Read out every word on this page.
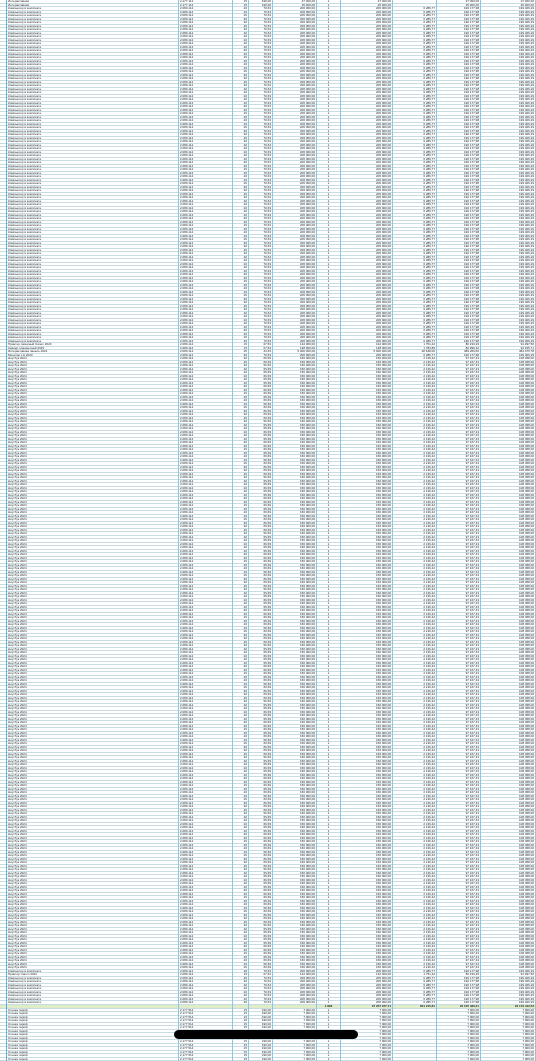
Интерактивная	2.177.114	15	190,00	27 000,00	1	27 000,00	27 000,00	27 000,00
Интерактивная	2.177.114	15	190,00	25 000,00	1	25 000,00	25 000,00	25 000,00
Компьютер в комплекте	2.080.114	20	70,63	206 000,00	1	206 000,00	6 286,77	190 177,98	199 406,29
Компьютер в комплекте	2.080.114	20	70,63	206 000,00	1	206 000,00	6 286,77	190 177,98	199 406,29
Компьютер в комплекте	2.080.114	20	70,63	206 000,00	1	206 000,00	6 286,77	190 177,98	199 406,29
Компьютер в комплекте	2.080.114	20	70,63	206 000,00	1	206 000,00	6 286,77	190 177,98	199 406,29
Компьютер в комплекте	2.080.114	20	70,63	206 000,00	1	206 000,00	6 286,77	190 177,98	199 406,29
Компьютер в комплекте	2.080.114	20	70,63	206 000,00	1	206 000,00	6 286,77	190 177,98	199 406,29
Компьютер в комплекте	2.080.114	20	70,63	206 000,00	1	206 000,00	6 286,77	190 177,98	199 406,29
Компьютер в комплекте	2.080.114	20	70,63	206 000,00	1	206 000,00	6 286,77	190 177,98	199 406,29
Компьютер в комплекте	2.080.114	20	70,63	206 000,00	1	206 000,00	6 286,77	190 177,98	199 406,29
Компьютер в комплекте	2.080.114	20	70,63	206 000,00	1	206 000,00	6 286,77	190 177,98	199 406,29
Компьютер в комплекте	2.080.114	20	70,63	206 000,00	1	206 000,00	6 286,77	190 177,98	199 406,29
Компьютер в комплекте	2.080.114	20	70,63	206 000,00	1	206 000,00	6 286,77	190 177,98	199 406,29
Компьютер в комплекте	2.080.114	20	70,63	206 000,00	1	206 000,00	6 286,77	190 177,98	199 406,29
Компьютер в комплекте	2.080.114	20	70,63	206 000,00	1	206 000,00	6 286,77	190 177,98	199 406,29
Компьютер в комплекте	2.080.114	20	70,63	206 000,00	1	206 000,00	6 286,77	190 177,98	199 406,29
Компьютер в комплекте	2.080.114	20	70,63	206 000,00	1	206 000,00	6 286,77	190 177,98	199 406,29
Компьютер в комплекте	2.080.114	20	70,63	206 000,00	1	206 000,00	6 286,77	190 177,98	199 406,29
Компьютер в комплекте	2.080.114	20	70,63	206 000,00	1	206 000,00	6 286,77	190 177,98	199 406,29
Компьютер в комплекте	2.080.114	20	70,63	206 000,00	1	206 000,00	6 286,77	190 177,98	199 406,29
Компьютер в комплекте	2.080.114	20	70,63	206 000,00	1	206 000,00	6 286,77	190 177,98	199 406,29
Компьютер в комплекте	2.080.114	20	70,63	206 000,00	1	206 000,00	6 286,77	190 177,98	199 406,29
Компьютер в комплекте	2.080.114	20	70,63	206 000,00	1	206 000,00	6 286,77	190 177,98	199 406,29
Компьютер в комплекте	2.080.114	20	70,63	206 000,00	1	206 000,00	6 286,77	190 177,98	199 406,29
Компьютер в комплекте	2.080.114	20	70,63	206 000,00	1	206 000,00	6 286,77	190 177,98	199 406,29
Компьютер в комплекте	2.080.114	20	70,63	206 000,00	1	206 000,00	6 286,77	190 177,98	199 406,29
Компьютер в комплекте	2.080.114	20	70,63	206 000,00	1	206 000,00	6 286,77	190 177,98	199 406,29
Компьютер в комплекте	2.080.114	20	70,63	206 000,00	1	206 000,00	6 286,77	190 177,98	199 406,29
Компьютер в комплекте	2.080.114	20	70,63	206 000,00	1	206 000,00	6 286,77	190 177,98	199 406,29
Компьютер в комплекте	2.080.114	20	70,63	206 000,00	1	206 000,00	6 286,77	190 177,98	199 406,29
Компьютер в комплекте	2.080.114	20	70,63	206 000,00	1	206 000,00	6 286,77	190 177,98	199 406,29
Компьютер в комплекте	2.080.114	20	70,63	206 000,00	1	206 000,00	6 286,77	190 177,98	199 406,29
Компьютер в комплекте	2.080.114	20	70,63	206 000,00	1	206 000,00	6 286,77	190 177,98	199 406,29
Компьютер в комплекте	2.080.114	20	70,63	206 000,00	1	206 000,00	6 286,77	190 177,98	199 406,29
Компьютер в комплекте	2.080.114	20	70,63	206 000,00	1	206 000,00	6 286,77	190 177,98	199 406,29
Компьютер в комплекте	2.080.114	20	70,63	206 000,00	1	206 000,00	6 286,77	190 177,98	199 406,29
Компьютер в комплекте	2.080.114	20	70,63	206 000,00	1	206 000,00	6 286,77	190 177,98	199 406,29
Компьютер в комплекте	2.080.114	20	70,63	206 000,00	1	206 000,00	6 286,77	190 177,98	199 406,29
Компьютер в комплекте	2.080.114	20	70,63	206 000,00	1	206 000,00	6 286,77	190 177,98	199 406,29
Компьютер в комплекте	2.080.114	20	70,63	206 000,00	1	206 000,00	6 286,77	190 177,98	199 406,29
Компьютер в комплекте	2.080.114	20	70,63	206 000,00	1	206 000,00	6 286,77	190 177,98	199 406,29
Компьютер в комплекте	2.080.114	20	70,63	206 000,00	1	206 000,00	6 286,77	190 177,98	199 406,29
Компьютер в комплекте	2.080.114	20	70,63	206 000,00	1	206 000,00	6 286,77	190 177,98	199 406,29
Компьютер в комплекте	2.080.114	20	70,63	206 000,00	1	206 000,00	6 286,77	190 177,98	199 406,29
Компьютер в комплекте	2.080.114	20	70,63	206 000,00	1	206 000,00	6 286,77	190 177,98	199 406,29
Компьютер в комплекте	2.080.114	20	70,63	206 000,00	1	206 000,00	6 286,77	190 177,98	199 406,29
Компьютер в комплекте	2.080.114	20	70,63	206 000,00	1	206 000,00	6 286,77	190 177,98	199 406,29
Компьютер в комплекте	2.080.114	20	70,63	206 000,00	1	206 000,00	6 286,77	190 177,98	199 406,29
Компьютер в комплекте	2.080.114	20	70,63	206 000,00	1	206 000,00	6 286,77	190 177,98	199 406,29
Компьютер в комплекте	2.080.114	20	70,63	206 000,00	1	206 000,00	6 286,77	190 177,98	199 406,29
Компьютер в комплекте	2.080.114	20	70,63	206 000,00	1	206 000,00	6 286,77	190 177,98	199 406,29
Компьютер в комплекте	2.080.114	20	70,63	206 000,00	1	206 000,00	6 286,77	190 177,98	199 406,29
Компьютер в комплекте	2.080.114	20	70,63	206 000,00	1	206 000,00	6 286,77	190 177,98	199 406,29
Компьютер в комплекте	2.080.114	20	70,63	206 000,00	1	206 000,00	6 286,77	190 177,98	199 406,29
Компьютер в комплекте	2.080.114	20	70,63	206 000,00	1	206 000,00	6 286,77	190 177,98	199 406,29
Компьютер в комплекте	2.080.114	20	70,63	206 000,00	1	206 000,00	6 286,77	190 177,98	199 406,29
Компьютер в комплекте	2.080.114	20	70,63	206 000,00	1	206 000,00	6 286,77	190 177,98	199 406,29
Компьютер в комплекте	2.080.114	20	70,63	206 000,00	1	206 000,00	6 286,77	190 177,98	199 406,29
Компьютер в комплекте	2.080.114	20	70,63	206 000,00	1	206 000,00	6 286,77	190 177,98	199 406,29
Компьютер в комплекте	2.080.114	20	70,63	206 000,00	1	206 000,00	6 286,77	190 177,98	199 406,29
Компьютер в комплекте	2.080.114	20	70,63	206 000,00	1	206 000,00	6 286,77	190 177,98	199 406,29
Компьютер в комплекте	2.080.114	20	70,63	206 000,00	1	206 000,00	6 286,77	190 177,98	199 406,29
Компьютер в комплекте	2.080.114	20	70,63	206 000,00	1	206 000,00	6 286,77	190 177,98	199 406,29
Компьютер в комплекте	2.080.114	20	70,63	206 000,00	1	206 000,00	6 286,77	190 177,98	199 406,29
Компьютер в комплекте	2.080.114	20	70,63	206 000,00	1	206 000,00	6 286,77	190 177,98	199 406,29
Компьютер в комплекте	2.080.114	20	70,63	206 000,00	1	206 000,00	6 286,77	190 177,98	199 406,29
Компьютер в комплекте	2.080.114	20	70,63	206 000,00	1	206 000,00	6 286,77	190 177,98	199 406,29
Компьютер в комплекте	2.080.114	20	70,63	206 000,00	1	206 000,00	6 286,77	190 177,98	199 406,29
Компьютер в комплекте	2.080.114	20	70,63	206 000,00	1	206 000,00	6 286,77	190 177,98	199 406,29
Компьютер в комплекте	2.080.114	20	70,63	206 000,00	1	206 000,00	6 286,77	190 177,98	199 406,29
Компьютер в комплекте	2.080.114	20	70,63	206 000,00	1	206 000,00	6 286,77	190 177,98	199 406,29
Компьютер в комплекте	2.080.114	20	70,63	206 000,00	1	206 000,00	6 286,77	190 177,98	199 406,29
Компьютер в комплекте	2.080.114	20	70,63	206 000,00	1	206 000,00	6 286,77	190 177,98	199 406,29
Компьютер в комплекте	2.080.114	20	70,63	206 000,00	1	206 000,00	6 286,77	190 177,98	199 406,29
Компьютер в комплекте	2.080.114	20	70,63	206 000,00	1	206 000,00	6 286,77	190 177,98	199 406,29
Компьютер в комплекте	2.080.114	20	70,63	206 000,00	1	206 000,00	6 286,77	190 177,98	199 406,29
Компьютер в комплекте	2.080.114	20	70,63	206 000,00	1	206 000,00	6 286,77	190 177,98	199 406,29
Компьютер в комплекте	2.080.114	20	70,63	206 000,00	1	206 000,00	6 286,77	190 177,98	199 406,29
Компьютер в комплекте	2.080.114	20	70,63	206 000,00	1	206 000,00	6 286,77	190 177,98	199 406,29
Компьютер в комплекте	2.080.114	20	70,63	206 000,00	1	206 000,00	6 286,77	190 177,98	199 406,29
Компьютер в комплекте	2.080.114	20	70,63	206 000,00	1	206 000,00	6 286,77	190 177,98	199 406,29
Компьютер в комплекте	2.080.114	20	70,63	206 000,00	1	206 000,00	6 286,77	190 177,98	199 406,29
Компьютер в комплекте	2.080.114	20	70,63	206 000,00	1	206 000,00	6 286,77	190 177,98	199 406,29
Компьютер в комплекте	2.080.114	20	70,63	206 000,00	1	206 000,00	6 286,77	190 177,98	199 406,29
Компьютер в комплекте	2.080.114	20	70,63	206 000,00	1	206 000,00	6 286,77	190 177,98	199 406,29
Компьютер в комплекте	2.080.114	20	70,63	206 000,00	1	206 000,00	6 286,77	190 177,98	199 406,29
Компьютер в комплекте	2.080.114	20	70,63	206 000,00	1	206 000,00	6 286,77	190 177,98	199 406,29
Компьютер в комплекте	2.080.114	20	70,63	206 000,00	1	206 000,00	6 286,77	190 177,98	199 406,29
Компьютер в комплекте	2.080.114	20	70,63	206 000,00	1	206 000,00	6 286,77	190 177,98	199 406,29
Компьютер в комплекте	2.080.114	20	70,63	206 000,00	1	206 000,00	6 286,77	190 177,98	199 406,29
Компьютер в комплекте	2.080.114	20	70,63	206 000,00	1	206 000,00	6 286,77	190 177,98	199 406,29
Компьютер в комплекте	2.080.114	20	70,63	206 000,00	1	206 000,00	6 286,77	190 177,98	199 406,29
Компьютер в комплекте	2.080.114	20	70,63	206 000,00	1	206 000,00	6 286,77	190 177,98	199 406,29
Компьютер в комплекте	2.080.114	20	70,63	206 000,00	1	206 000,00	6 286,77	190 177,98	199 406,29
Компьютер в комплекте	2.080.114	20	70,63	206 000,00	1	206 000,00	6 286,77	190 177,98	199 406,29
Компьютер в комплекте	2.080.114	20	70,63	206 000,00	1	206 000,00	6 286,77	190 177,98	199 406,29
Компьютер в комплекте	2.080.114	20	70,63	206 000,00	1	206 000,00	6 286,77	190 177,98	199 406,29
Принтер лазерный Canon 2023	2.080.114	15	67,53	132 000,00	1	132 000,00	1 751,42	80 233,29	91 097,56
Сканер планшетный 2023	2.080.114	15	67,53	138 000,00	1	138 000,00	1 784,89	82 996,32	94 155,71
Интерактивная панель 2022	2.080.114	25	23,63	5 000 000,00	1	5 000 000,00	28 638,06	389 209,60	384 075,78
Монитор LG 2023	2.080.114	20	70,63	206 000,00	1	206 000,00	6 286,77	190 177,98	199 406,29
Ноутбук 2024	2.080.114	20	66,69	150 000,00	1	150 000,00	2 136,42	97 167,43	108 458,00
Ноутбук 2024	2.080.114	20	66,69	150 000,00	1	150 000,00	2 136,42	97 167,43	108 458,00
Ноутбук 2024	2.080.114	20	66,69	150 000,00	1	150 000,00	2 136,42	97 167,43	108 458,00
Ноутбук 2024	2.080.114	20	66,69	150 000,00	1	150 000,00	2 136,42	97 167,43	108 458,00
Ноутбук 2024	2.080.114	20	66,69	150 000,00	1	150 000,00	2 136,42	97 167,43	108 458,00
Ноутбук 2024	2.080.114	20	66,69	150 000,00	1	150 000,00	2 136,42	97 167,43	108 458,00
Ноутбук 2024	2.080.114	20	66,69	150 000,00	1	150 000,00	2 136,42	97 167,43	108 458,00
Ноутбук 2024	2.080.114	20	66,69	150 000,00	1	150 000,00	2 136,42	97 167,43	108 458,00
Ноутбук 2024	2.080.114	20	66,69	150 000,00	1	150 000,00	2 136,42	97 167,43	108 458,00
Ноутбук 2024	2.080.114	20	66,69	150 000,00	1	150 000,00	2 136,42	97 167,43	108 458,00
Ноутбук 2024	2.080.114	20	66,69	150 000,00	1	150 000,00	2 136,42	97 167,43	108 458,00
Ноутбук 2024	2.080.114	20	66,69	150 000,00	1	150 000,00	2 136,42	97 167,43	108 458,00
Ноутбук 2024	2.080.114	20	66,69	150 000,00	1	150 000,00	2 136,42	97 167,43	108 458,00
Ноутбук 2024	2.080.114	20	66,69	150 000,00	1	150 000,00	2 136,42	97 167,43	108 458,00
Ноутбук 2024	2.080.114	20	66,69	150 000,00	1	150 000,00	2 136,42	97 167,43	108 458,00
Ноутбук 2024	2.080.114	20	66,69	150 000,00	1	150 000,00	2 136,42	97 167,43	108 458,00
Ноутбук 2024	2.080.114	20	66,69	150 000,00	1	150 000,00	2 136,42	97 167,43	108 458,00
Ноутбук 2024	2.080.114	20	66,69	150 000,00	1	150 000,00	2 136,42	97 167,43	108 458,00
Ноутбук 2024	2.080.114	20	66,69	150 000,00	1	150 000,00	2 136,42	97 167,43	108 458,00
Ноутбук 2024	2.080.114	20	66,69	150 000,00	1	150 000,00	2 136,42	97 167,43	108 458,00
Ноутбук 2024	2.080.114	20	66,69	150 000,00	1	150 000,00	2 136,42	97 167,43	108 458,00
Ноутбук 2024	2.080.114	20	66,69	150 000,00	1	150 000,00	2 136,42	97 167,43	108 458,00
Ноутбук 2024	2.080.114	20	66,69	150 000,00	1	150 000,00	2 136,42	97 167,43	108 458,00
Ноутбук 2024	2.080.114	20	66,69	150 000,00	1	150 000,00	2 136,42	97 167,43	108 458,00
Ноутбук 2024	2.080.114	20	66,69	150 000,00	1	150 000,00	2 136,42	97 167,43	108 458,00
Ноутбук 2024	2.080.114	20	66,69	150 000,00	1	150 000,00	2 136,42	97 167,43	108 458,00
Ноутбук 2024	2.080.114	20	66,69	150 000,00	1	150 000,00	2 136,42	97 167,43	108 458,00
Ноутбук 2024	2.080.114	20	66,69	150 000,00	1	150 000,00	2 136,42	97 167,43	108 458,00
Ноутбук 2024	2.080.114	20	66,69	150 000,00	1	150 000,00	2 136,42	97 167,43	108 458,00
Ноутбук 2024	2.080.114	20	66,69	150 000,00	1	150 000,00	2 136,42	97 167,43	108 458,00
Ноутбук 2024	2.080.114	20	66,69	150 000,00	1	150 000,00	2 136,42	97 167,43	108 458,00
Ноутбук 2024	2.080.114	20	66,69	150 000,00	1	150 000,00	2 136,42	97 167,43	108 458,00
Ноутбук 2024	2.080.114	20	66,69	150 000,00	1	150 000,00	2 136,42	97 167,43	108 458,00
Ноутбук 2024	2.080.114	20	66,69	150 000,00	1	150 000,00	2 136,42	97 167,43	108 458,00
Ноутбук 2024	2.080.114	20	66,69	150 000,00	1	150 000,00	2 136,42	97 167,43	108 458,00
Ноутбук 2024	2.080.114	20	66,69	150 000,00	1	150 000,00	2 136,42	97 167,43	108 458,00
Ноутбук 2024	2.080.114	20	66,69	150 000,00	1	150 000,00	2 136,42	97 167,43	108 458,00
Ноутбук 2024	2.080.114	20	66,69	150 000,00	1	150 000,00	2 136,42	97 167,43	108 458,00
Ноутбук 2024	2.080.114	20	66,69	150 000,00	1	150 000,00	2 136,42	97 167,43	108 458,00
Ноутбук 2024	2.080.114	20	66,69	150 000,00	1	150 000,00	2 136,42	97 167,43	108 458,00
Ноутбук 2024	2.080.114	20	66,69	150 000,00	1	150 000,00	2 136,42	97 167,43	108 458,00
Ноутбук 2024	2.080.114	20	66,69	150 000,00	1	150 000,00	2 136,42	97 167,43	108 458,00
Ноутбук 2024	2.080.114	20	66,69	150 000,00	1	150 000,00	2 136,42	97 167,43	108 458,00
Ноутбук 2024	2.080.114	20	66,69	150 000,00	1	150 000,00	2 136,42	97 167,43	108 458,00
Ноутбук 2024	2.080.114	20	66,69	150 000,00	1	150 000,00	2 136,42	97 167,43	108 458,00
Ноутбук 2024	2.080.114	20	66,69	150 000,00	1	150 000,00	2 136,42	97 167,43	108 458,00
Ноутбук 2024	2.080.114	20	66,69	150 000,00	1	150 000,00	2 136,42	97 167,43	108 458,00
Ноутбук 2024	2.080.114	20	66,69	150 000,00	1	150 000,00	2 136,42	97 167,43	108 458,00
Ноутбук 2024	2.080.114	20	66,69	150 000,00	1	150 000,00	2 136,42	97 167,43	108 458,00
Ноутбук 2024	2.080.114	20	66,69	150 000,00	1	150 000,00	2 136,42	97 167,43	108 458,00
Ноутбук 2024	2.080.114	20	66,69	150 000,00	1	150 000,00	2 136,42	97 167,43	108 458,00
Ноутбук 2024	2.080.114	20	66,69	150 000,00	1	150 000,00	2 136,42	97 167,43	108 458,00
Ноутбук 2024	2.080.114	20	66,69	150 000,00	1	150 000,00	2 136,42	97 167,43	108 458,00
Ноутбук 2024	2.080.114	20	66,69	150 000,00	1	150 000,00	2 136,42	97 167,43	108 458,00
Ноутбук 2024	2.080.114	20	66,69	150 000,00	1	150 000,00	2 136,42	97 167,43	108 458,00
Ноутбук 2024	2.080.114	20	66,69	150 000,00	1	150 000,00	2 136,42	97 167,43	108 458,00
Ноутбук 2024	2.080.114	20	66,69	150 000,00	1	150 000,00	2 136,42	97 167,43	108 458,00
Ноутбук 2024	2.080.114	20	66,69	150 000,00	1	150 000,00	2 136,42	97 167,43	108 458,00
Ноутбук 2024	2.080.114	20	66,69	150 000,00	1	150 000,00	2 136,42	97 167,43	108 458,00
Ноутбук 2024	2.080.114	20	66,69	150 000,00	1	150 000,00	2 136,42	97 167,43	108 458,00
Ноутбук 2024	2.080.114	20	66,69	150 000,00	1	150 000,00	2 136,42	97 167,43	108 458,00
Ноутбук 2024	2.080.114	20	66,69	150 000,00	1	150 000,00	2 136,42	97 167,43	108 458,00
Ноутбук 2024	2.080.114	20	66,69	150 000,00	1	150 000,00	2 136,42	97 167,43	108 458,00
Ноутбук 2024	2.080.114	20	66,69	150 000,00	1	150 000,00	2 136,42	97 167,43	108 458,00
Ноутбук 2024	2.080.114	20	66,69	150 000,00	1	150 000,00	2 136,42	97 167,43	108 458,00
Ноутбук 2024	2.080.114	20	66,69	150 000,00	1	150 000,00	2 136,42	97 167,43	108 458,00
Ноутбук 2024	2.080.114	20	66,69	150 000,00	1	150 000,00	2 136,42	97 167,43	108 458,00
Ноутбук 2024	2.080.114	20	66,69	150 000,00	1	150 000,00	2 136,42	97 167,43	108 458,00
Ноутбук 2024	2.080.114	20	66,69	150 000,00	1	150 000,00	2 136,42	97 167,43	108 458,00
Ноутбук 2024	2.080.114	20	66,69	150 000,00	1	150 000,00	2 136,42	97 167,43	108 458,00
Ноутбук 2024	2.080.114	20	66,69	150 000,00	1	150 000,00	2 136,42	97 167,43	108 458,00
Ноутбук 2024	2.080.114	20	66,69	150 000,00	1	150 000,00	2 136,42	97 167,43	108 458,00
Ноутбук 2024	2.080.114	20	66,69	150 000,00	1	150 000,00	2 136,42	97 167,43	108 458,00
Ноутбук 2024	2.080.114	20	66,69	150 000,00	1	150 000,00	2 136,42	97 167,43	108 458,00
Ноутбук 2024	2.080.114	20	66,69	150 000,00	1	150 000,00	2 136,42	97 167,43	108 458,00
Ноутбук 2024	2.080.114	20	66,69	150 000,00	1	150 000,00	2 136,42	97 167,43	108 458,00
Ноутбук 2024	2.080.114	20	66,69	150 000,00	1	150 000,00	2 136,42	97 167,43	108 458,00
Ноутбук 2024	2.080.114	20	66,69	150 000,00	1	150 000,00	2 136,42	97 167,43	108 458,00
Ноутбук 2024	2.080.114	20	66,69	150 000,00	1	150 000,00	2 136,42	97 167,43	108 458,00
Ноутбук 2024	2.080.114	20	66,69	150 000,00	1	150 000,00	2 136,42	97 167,43	108 458,00
Ноутбук 2024	2.080.114	20	66,69	150 000,00	1	150 000,00	2 136,42	97 167,43	108 458,00
Ноутбук 2024	2.080.114	20	66,69	150 000,00	1	150 000,00	2 136,42	97 167,43	108 458,00
Ноутбук 2024	2.080.114	20	66,69	150 000,00	1	150 000,00	2 136,42	97 167,43	108 458,00
Ноутбук 2024	2.080.114	20	66,69	150 000,00	1	150 000,00	2 136,42	97 167,43	108 458,00
Ноутбук 2024	2.080.114	20	66,69	150 000,00	1	150 000,00	2 136,42	97 167,43	108 458,00
Ноутбук 2024	2.080.114	20	66,69	150 000,00	1	150 000,00	2 136,42	97 167,43	108 458,00
Ноутбук 2024	2.080.114	20	66,69	150 000,00	1	150 000,00	2 136,42	97 167,43	108 458,00
Ноутбук 2024	2.080.114	20	66,69	150 000,00	1	150 000,00	2 136,42	97 167,43	108 458,00
Ноутбук 2024	2.080.114	20	66,69	150 000,00	1	150 000,00	2 136,42	97 167,43	108 458,00
Ноутбук 2024	2.080.114	20	66,69	150 000,00	1	150 000,00	2 136,42	97 167,43	108 458,00
Ноутбук 2024	2.080.114	20	66,69	150 000,00	1	150 000,00	2 136,42	97 167,43	108 458,00
Ноутбук 2024	2.080.114	20	66,69	150 000,00	1	150 000,00	2 136,42	97 167,43	108 458,00
Ноутбук 2024	2.080.114	20	66,69	150 000,00	1	150 000,00	2 136,42	97 167,43	108 458,00
Ноутбук 2024	2.080.114	20	66,69	150 000,00	1	150 000,00	2 136,42	97 167,43	108 458,00
Ноутбук 2024	2.080.114	20	66,69	150 000,00	1	150 000,00	2 136,42	97 167,43	108 458,00
Ноутбук 2024	2.080.114	20	66,69	150 000,00	1	150 000,00	2 136,42	97 167,43	108 458,00
Ноутбук 2024	2.080.114	20	66,69	150 000,00	1	150 000,00	2 136,42	97 167,43	108 458,00
Ноутбук 2024	2.080.114	20	66,69	150 000,00	1	150 000,00	2 136,42	97 167,43	108 458,00
Ноутбук 2024	2.080.114	20	66,69	150 000,00	1	150 000,00	2 136,42	97 167,43	108 458,00
Ноутбук 2024	2.080.114	20	66,69	150 000,00	1	150 000,00	2 136,42	97 167,43	108 458,00
Ноутбук 2024	2.080.114	20	66,69	150 000,00	1	150 000,00	2 136,42	97 167,43	108 458,00
Ноутбук 2024	2.080.114	20	66,69	150 000,00	1	150 000,00	2 136,42	97 167,43	108 458,00
Ноутбук 2024	2.080.114	20	66,69	150 000,00	1	150 000,00	2 136,42	97 167,43	108 458,00
Ноутбук 2024	2.080.114	20	66,69	150 000,00	1	150 000,00	2 136,42	97 167,43	108 458,00
Ноутбук 2024	2.080.114	20	66,69	150 000,00	1	150 000,00	2 136,42	97 167,43	108 458,00
Ноутбук 2024	2.080.114	20	66,69	150 000,00	1	150 000,00	2 136,42	97 167,43	108 458,00
Ноутбук 2024	2.080.114	20	66,69	150 000,00	1	150 000,00	2 136,42	97 167,43	108 458,00
Ноутбук 2024	2.080.114	20	66,69	150 000,00	1	150 000,00	2 136,42	97 167,43	108 458,00
Ноутбук 2024	2.080.114	20	66,69	150 000,00	1	150 000,00	2 136,42	97 167,43	108 458,00
Ноутбук 2024	2.080.114	20	66,69	150 000,00	1	150 000,00	2 136,42	97 167,43	108 458,00
Ноутбук 2024	2.080.114	20	66,69	150 000,00	1	150 000,00	2 136,42	97 167,43	108 458,00
Ноутбук 2024	2.080.114	20	66,69	150 000,00	1	150 000,00	2 136,42	97 167,43	108 458,00
Ноутбук 2024	2.080.114	20	66,69	150 000,00	1	150 000,00	2 136,42	97 167,43	108 458,00
Ноутбук 2024	2.080.114	20	66,69	150 000,00	1	150 000,00	2 136,42	97 167,43	108 458,00
Ноутбук 2024	2.080.114	20	66,69	150 000,00	1	150 000,00	2 136,42	97 167,43	108 458,00
Ноутбук 2024	2.080.114	20	66,69	150 000,00	1	150 000,00	2 136,42	97 167,43	108 458,00
Ноутбук 2024	2.080.114	20	66,69	150 000,00	1	150 000,00	2 136,42	97 167,43	108 458,00
Ноутбук 2024	2.080.114	20	66,69	150 000,00	1	150 000,00	2 136,42	97 167,43	108 458,00
Ноутбук 2024	2.080.114	20	66,69	150 000,00	1	150 000,00	2 136,42	97 167,43	108 458,00
Ноутбук 2024	2.080.114	20	66,69	150 000,00	1	150 000,00	2 136,42	97 167,43	108 458,00
Ноутбук 2024	2.080.114	20	66,69	150 000,00	1	150 000,00	2 136,42	97 167,43	108 458,00
Ноутбук 2024	2.080.114	20	66,69	150 000,00	1	150 000,00	2 136,42	97 167,43	108 458,00
Ноутбук 2024	2.080.114	20	66,69	150 000,00	1	150 000,00	2 136,42	97 167,43	108 458,00
Ноутбук 2024	2.080.114	20	66,69	150 000,00	1	150 000,00	2 136,42	97 167,43	108 458,00
Ноутбук 2024	2.080.114	20	66,69	150 000,00	1	150 000,00	2 136,42	97 167,43	108 458,00
Ноутбук 2024	2.080.114	20	66,69	150 000,00	1	150 000,00	2 136,42	97 167,43	108 458,00
Ноутбук 2024	2.080.114	20	66,69	150 000,00	1	150 000,00	2 136,42	97 167,43	108 458,00
Ноутбук 2024	2.080.114	20	66,69	150 000,00	1	150 000,00	2 136,42	97 167,43	108 458,00
Ноутбук 2024	2.080.114	20	66,69	150 000,00	1	150 000,00	2 136,42	97 167,43	108 458,00
Ноутбук 2024	2.080.114	20	66,69	150 000,00	1	150 000,00	2 136,42	97 167,43	108 458,00
Ноутбук 2024	2.080.114	20	66,69	150 000,00	1	150 000,00	2 136,42	97 167,43	108 458,00
Ноутбук 2024	2.080.114	20	66,69	150 000,00	1	150 000,00	2 136,42	97 167,43	108 458,00
Ноутбук 2024	2.080.114	20	66,69	150 000,00	1	150 000,00	2 136,42	97 167,43	108 458,00
Ноутбук 2024	2.080.114	20	66,69	150 000,00	1	150 000,00	2 136,42	97 167,43	108 458,00
Ноутбук 2024	2.080.114	20	66,69	150 000,00	1	150 000,00	2 136,42	97 167,43	108 458,00
Ноутбук 2024	2.080.114	20	66,69	150 000,00	1	150 000,00	2 136,42	97 167,43	108 458,00
Ноутбук 2024	2.080.114	20	66,69	150 000,00	1	150 000,00	2 136,42	97 167,43	108 458,00
Ноутбук 2024	2.080.114	20	66,69	150 000,00	1	150 000,00	2 136,42	97 167,43	108 458,00
Ноутбук 2024	2.080.114	20	66,69	150 000,00	1	150 000,00	2 136,42	97 167,43	108 458,00
Ноутбук 2024	2.080.114	20	66,69	150 000,00	1	150 000,00	2 136,42	97 167,43	108 458,00
Ноутбук 2024	2.080.114	20	66,69	150 000,00	1	150 000,00	2 136,42	97 167,43	108 458,00
Ноутбук 2024	2.080.114	20	66,69	150 000,00	1	150 000,00	2 136,42	97 167,43	108 458,00
Ноутбук 2024	2.080.114	20	66,69	150 000,00	1	150 000,00	2 136,42	97 167,43	108 458,00
Ноутбук 2024	2.080.114	20	66,69	150 000,00	1	150 000,00	2 136,42	97 167,43	108 458,00
Ноутбук 2024	2.080.114	20	66,69	150 000,00	1	150 000,00	2 136,42	97 167,43	108 458,00
Ноутбук 2024	2.080.114	20	66,69	150 000,00	1	150 000,00	2 136,42	97 167,43	108 458,00
Ноутбук 2024	2.080.114	20	66,69	150 000,00	1	150 000,00	2 136,42	97 167,43	108 458,00
Ноутбук 2024	2.080.114	20	66,69	150 000,00	1	150 000,00	2 136,42	97 167,43	108 458,00
Ноутбук 2024	2.080.114	20	66,69	150 000,00	1	150 000,00	2 136,42	97 167,43	108 458,00
Ноутбук 2024	2.080.114	20	66,69	150 000,00	1	150 000,00	2 136,42	97 167,43	108 458,00
Ноутбук 2024	2.080.114	20	66,69	150 000,00	1	150 000,00	2 136,42	97 167,43	108 458,00
Ноутбук 2024	2.080.114	20	66,69	150 000,00	1	150 000,00	2 136,42	97 167,43	108 458,00
Ноутбук 2024	2.080.114	20	66,69	150 000,00	1	150 000,00	2 136,42	97 167,43	108 458,00
Ноутбук 2024	2.080.114	20	66,69	150 000,00	1	150 000,00	2 136,42	97 167,43	108 458,00
Ноутбук 2024	2.080.114	20	66,69	150 000,00	1	150 000,00	2 136,42	97 167,43	108 458,00
Ноутбук 2024	2.080.114	20	66,69	150 000,00	1	150 000,00	2 136,42	97 167,43	108 458,00
Ноутбук 2024	2.080.114	20	66,69	150 000,00	1	150 000,00	2 136,42	97 167,43	108 458,00
Ноутбук 2024	2.080.114	20	66,69	150 000,00	1	150 000,00	2 136,42	97 167,43	108 458,00
Ноутбук 2024	2.080.114	20	66,69	150 000,00	1	150 000,00	2 136,42	97 167,43	108 458,00
Ноутбук 2024	2.080.114	20	66,69	150 000,00	1	150 000,00	2 136,42	97 167,43	108 458,00
Ноутбук 2024	2.080.114	20	66,69	150 000,00	1	150 000,00	2 136,42	97 167,43	108 458,00
Ноутбук 2024	2.080.114	20	66,69	150 000,00	1	150 000,00	2 136,42	97 167,43	108 458,00
Ноутбук 2024	2.080.114	20	66,69	150 000,00	1	150 000,00	2 136,42	97 167,43	108 458,00
Ноутбук 2024	2.080.114	20	66,69	150 000,00	1	150 000,00	2 136,42	97 167,43	108 458,00
Ноутбук 2024	2.080.114	20	66,69	150 000,00	1	150 000,00	2 136,42	97 167,43	108 458,00
Ноутбук 2024	2.080.114	20	66,69	150 000,00	1	150 000,00	2 136,42	97 167,43	108 458,00
Ноутбук 2024	2.080.114	20	66,69	150 000,00	1	150 000,00	2 136,42	97 167,43	108 458,00
Ноутбук 2024	2.080.114	20	66,69	150 000,00	1	150 000,00	2 136,42	97 167,43	108 458,00
Ноутбук 2024	2.080.114	20	66,69	150 000,00	1	150 000,00	2 136,42	97 167,43	108 458,00
Ноутбук 2024	2.080.114	20	66,69	150 000,00	1	150 000,00	2 136,42	97 167,43	108 458,00
Ноутбук 2024	2.080.114	20	66,69	150 000,00	1	150 000,00	2 136,42	97 167,43	108 458,00
Ноутбук 2024	2.080.114	20	66,69	150 000,00	1	150 000,00	2 136,42	97 167,43	108 458,00
Ноутбук 2024	2.080.114	20	66,69	150 000,00	1	150 000,00	2 136,42	97 167,43	108 458,00
Ноутбук 2024	2.080.114	20	66,69	150 000,00	1	150 000,00	2 136,42	97 167,43	108 458,00
Ноутбук 2024	2.080.114	20	66,69	150 000,00	1	150 000,00	2 136,42	97 167,43	108 458,00
Компьютер в комплекте	2.080.114	20	70,63	206 000,00	1	206 000,00	6 286,77	190 177,98	199 406,29
Принтер Canon 2022	2.080.114	15	67,53	132 000,00	1	132 000,00	1 751,42	80 233,29	91 097,56
Компьютер в комплекте	2.080.114	20	70,63	206 000,00	1	206 000,00	6 286,77	190 177,98	199 406,29
Компьютер в комплекте	2.080.114	20	70,63	206 000,00	1	206 000,00	6 286,77	190 177,98	199 406,29
Компьютер в комплекте	2.080.114	20	70,63	206 000,00	1	206 000,00	6 286,77	190 177,98	199 406,29
Компьютер в комплекте	2.080.114	20	70,63	206 000,00	1	206 000,00	6 286,77	190 177,98	199 406,29
Компьютер в комплекте	2.080.114	20	70,63	206 000,00	1	206 000,00	6 286,77	190 177,98	199 406,29
Компьютер в комплекте	2.080.114	20	70,63	206 000,00	1	206 000,00	6 286,77	190 177,98	199 406,29
Компьютер в комплекте	2.080.114	20	70,63	206 000,00	1	206 000,00	6 286,77	190 177,98	199 406,29
Компьютер в комплекте	2.080.114	20	70,63	206 000,00	1	206 000,00	6 286,77	190 177,98	199 406,29
1 892	27 257 977,71	601 215,81	22 155 483,21	23 179 443,53
Стенка тариф	2.177.514	15	190,00	7 000,00	1	7 000,00	7 000,00	7 000,00
Стенка тариф	2.177.514	15	190,00	7 000,00	1	7 000,00	7 000,00	7 000,00
Стенка тариф	2.177.514	15	190,00	7 000,00	1	7 000,00	7 000,00	7 000,00
Стенка тариф	2.177.514	15	190,00	7 000,00	1	7 000,00	7 000,00	7 000,00
Стенка тариф	2.177.514	15	190,00	7 000,00	1	7 000,00	7 000,00	7 000,00
Стенка тариф	2.177.514	15	190,00	7 000,00	1	7 000,00	7 000,00	7 000,00
Стенка тариф	7 000,00	7 000,00	7 000,00
Стенка тариф	7 000,00	7 000,00	7 000,00
Стенка тариф	7 000,00	7 000,00	7 000,00
Стенка тариф	2.177.514	15	190,00	7 000,00	1	7 000,00	7 000,00	7 000,00
Стенка тариф	2.177.514	15	190,00	7 000,00	1	7 000,00	7 000,00	7 000,00
Стенка тариф	2.177.514	15	190,00	7 000,00	1	7 000,00	7 000,00	7 000,00
Стенка тариф	2.177.514	15	190,00	7 000,00	1	7 000,00	7 000,00	7 000,00
Стенка тариф	2.177.514	15	190,00	7 000,00	1	7 000,00	7 000,00	7 000,00
Стенка тариф	2.177.514	15	190,00	7 000,00	1	7 000,00	7 000,00	7 000,00
